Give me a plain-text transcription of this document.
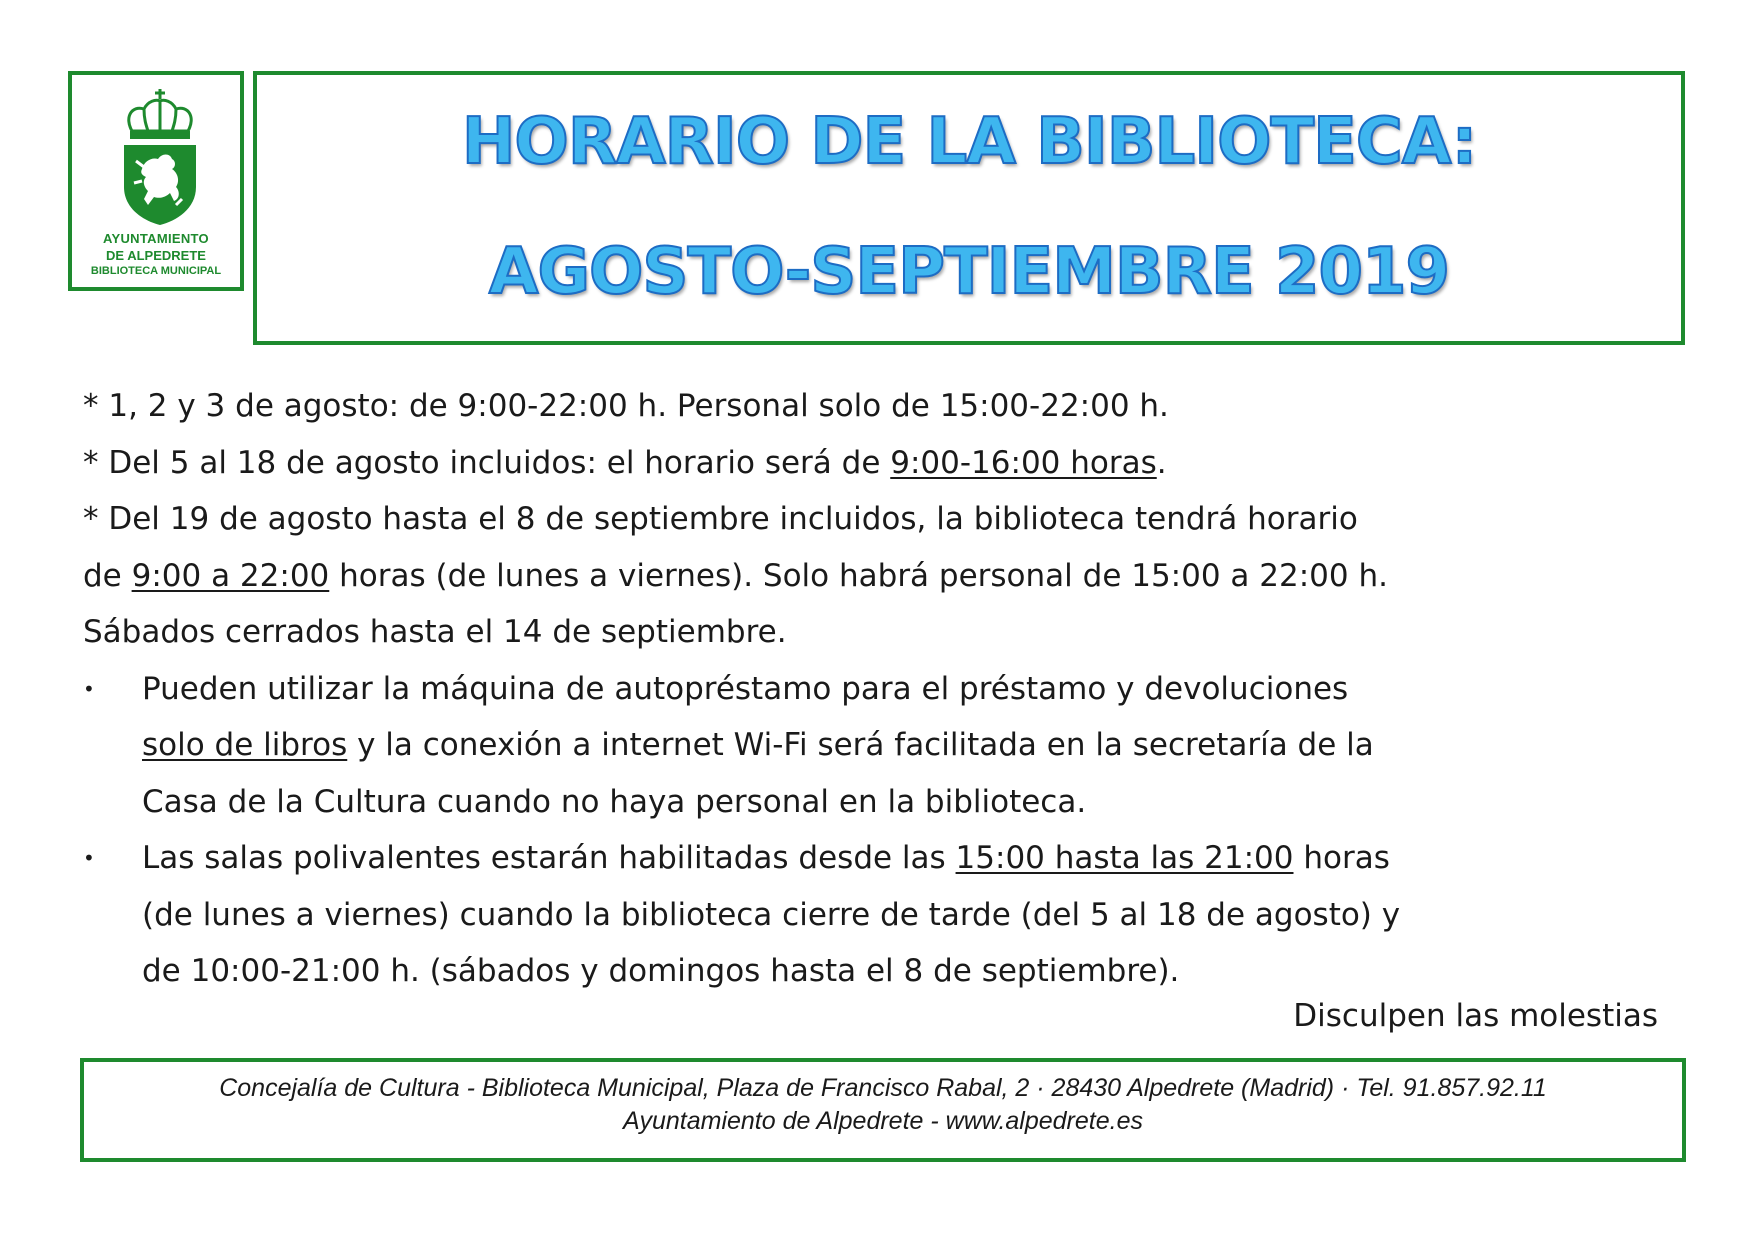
AYUNTAMIENTO
DE ALPEDRETE
BIBLIOTECA MUNICIPAL
HORARIO DE LA BIBLIOTECA:
AGOSTO-SEPTIEMBRE 2019

* 1, 2 y 3 de agosto: de 9:00-22:00 h. Personal solo de 15:00-22:00 h.

* Del 5 al 18 de agosto incluidos: el horario será de 9:00-16:00 horas.

* Del 19 de agosto hasta el 8 de septiembre incluidos, la biblioteca tendrá horario

de 9:00 a 22:00 horas (de lunes a viernes). Solo habrá personal de 15:00 a 22:00 h.

Sábados cerrados hasta el 14 de septiembre.

• Pueden utilizar la máquina de autopréstamo para el préstamo y devoluciones
solo de libros y la conexión a internet Wi-Fi será facilitada en la secretaría de la
Casa de la Cultura cuando no haya personal en la biblioteca.
• Las salas polivalentes estarán habilitadas desde las 15:00 hasta las 21:00 horas
(de lunes a viernes) cuando la biblioteca cierre de tarde (del 5 al 18 de agosto) y
de 10:00-21:00 h. (sábados y domingos hasta el 8 de septiembre).
Disculpen las molestias
Concejalía de Cultura - Biblioteca Municipal, Plaza de Francisco Rabal, 2 · 28430 Alpedrete (Madrid) · Tel. 91.857.92.11
Ayuntamiento de Alpedrete - www.alpedrete.es
